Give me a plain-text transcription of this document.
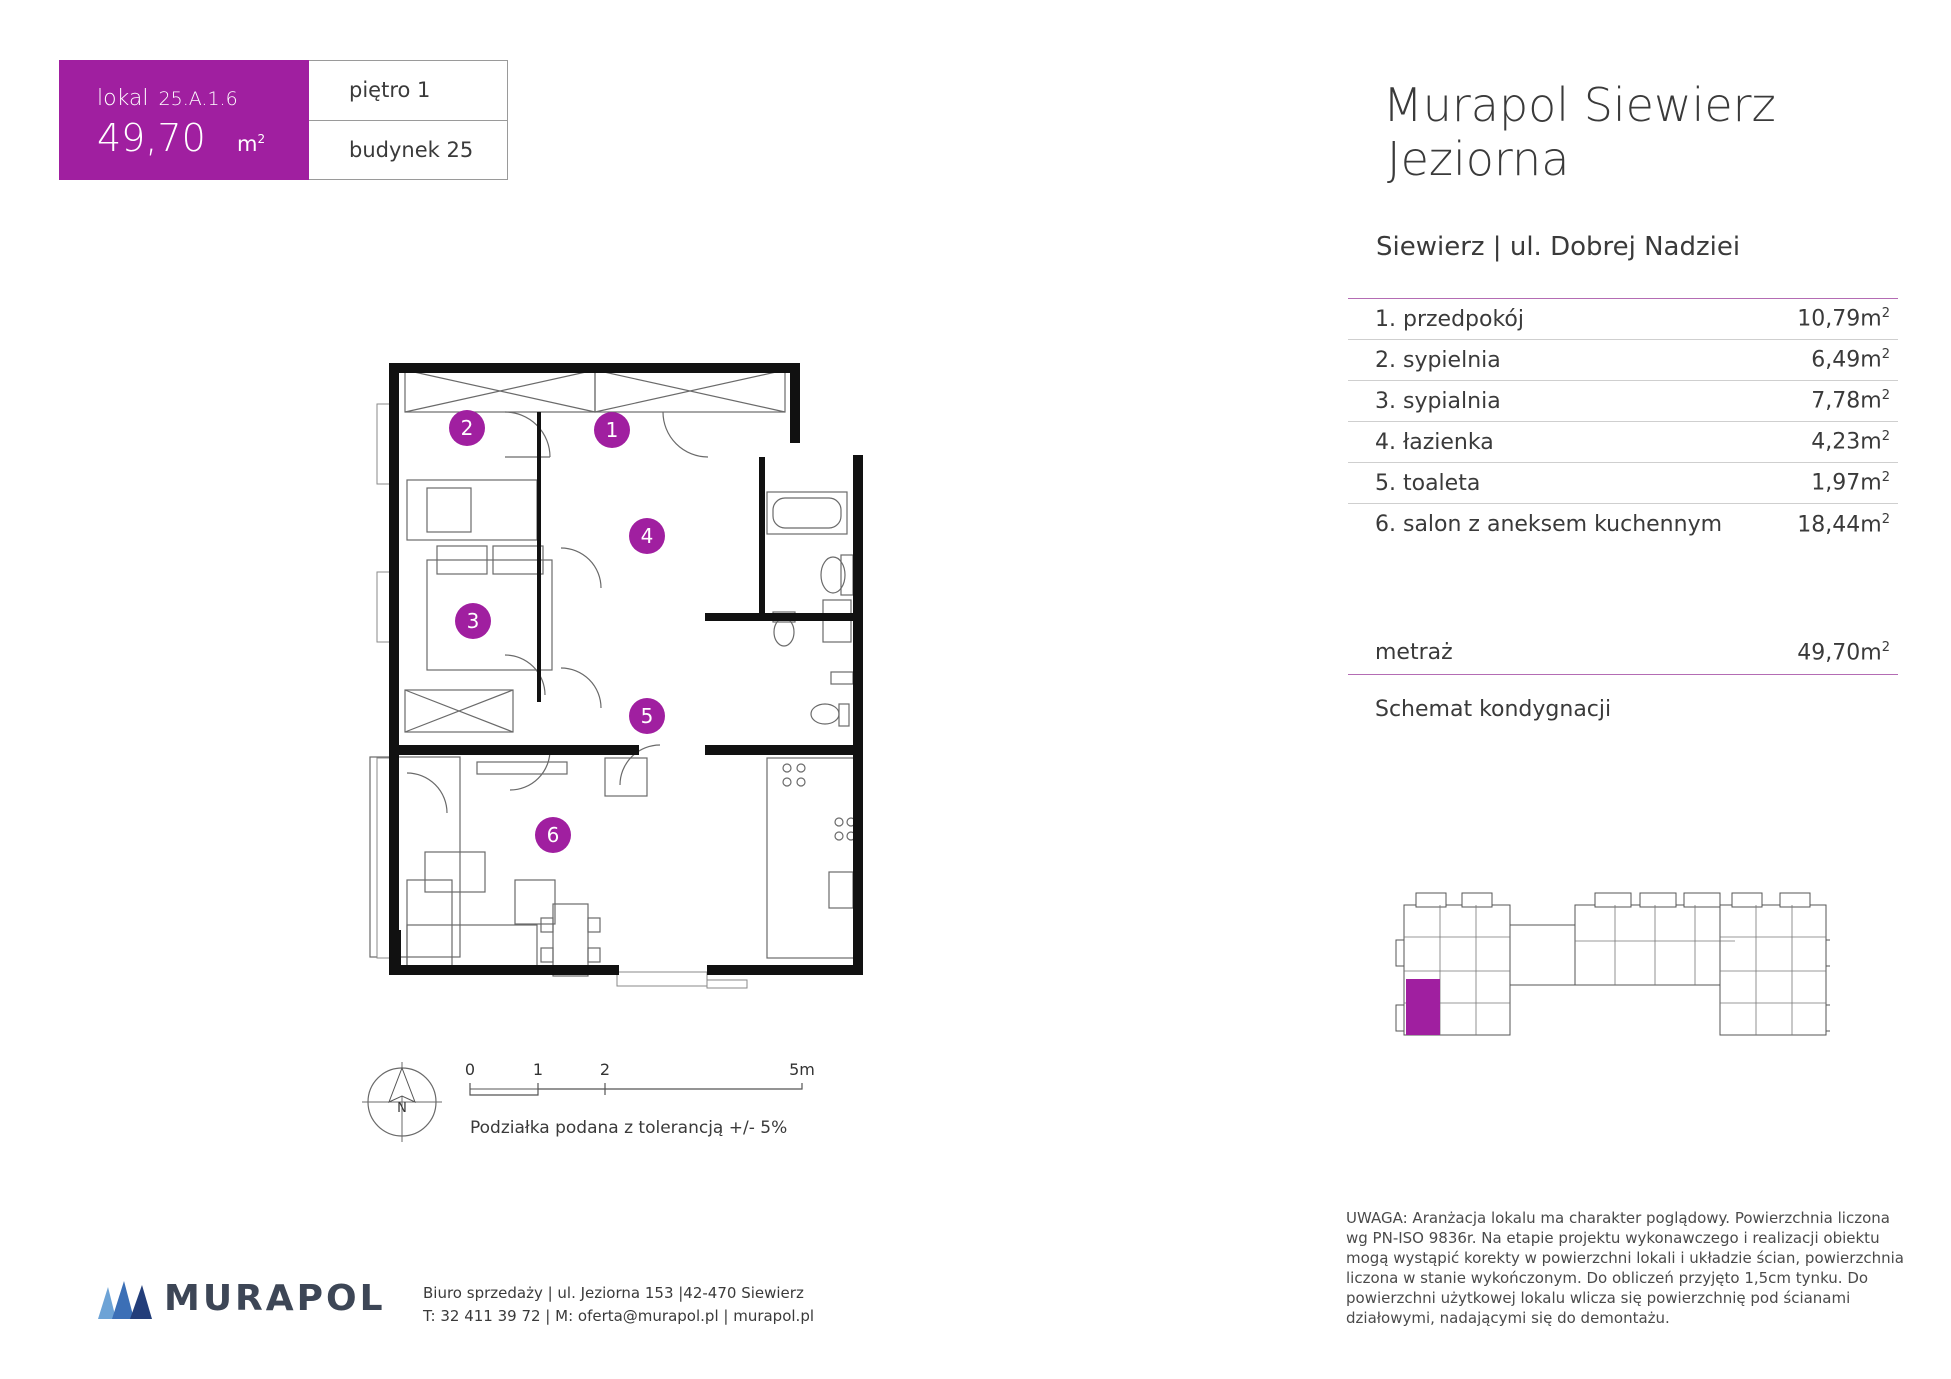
lokal 25.A.1.6
49,70 $m^2$
piętro 1
budynek 25
Murapol Siewierz
Jeziorna
Siewierz | ul. Dobrej Nadziei
1. przedpokój	$10,79m^2$
2. sypielnia	$6,49m^2$
3. sypialnia	$7,78m^2$
4. łazienka	$4,23m^2$
5. toaleta	$1,97m^2$
6. salon z aneksem kuchennym	$18,44m^2$
metraż	$49,70m^2$
Schemat kondygnacji
1
2
3
4
5
6
N
0	1	2	5m
Podziałka podana z tolerancją +/- 5%
UWAGA: Aranżacja lokalu ma charakter poglądowy. Powierzchnia liczona wg PN-ISO 9836r. Na etapie projektu wykonawczego i realizacji obiektu mogą wystąpić korekty w powierzchni lokali i układzie ścian, powierzchnia liczona w stanie wykończonym. Do obliczeń przyjęto 1,5cm tynku. Do powierzchni użytkowej lokalu wlicza się powierzchnię pod ścianami działowymi, nadającymi się do demontażu.
MURAPOL Biuro sprzedaży | ul. Jeziorna 153 |42-470 Siewierz
T: 32 411 39 72 | M: oferta@murapol.pl | murapol.pl
